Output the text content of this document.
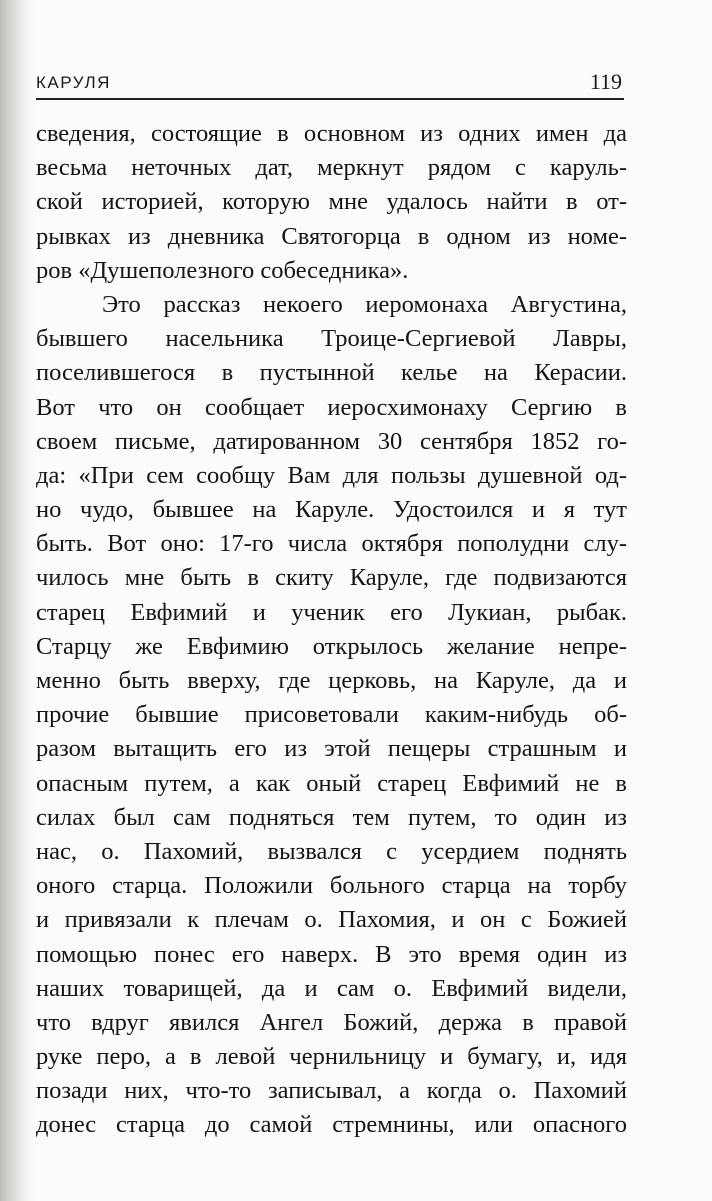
КАРУЛЯ	119
сведения, состоящие в основном из одних имен да
весьма неточных дат, меркнут рядом с каруль-
ской историей, которую мне удалось найти в от-
рывках из дневника Святогорца в одном из номе-
ров «Душеполезного собеседника».
Это рассказ некоего иеромонаха Августина,
бывшего насельника Троице-Сергиевой Лавры,
поселившегося в пустынной келье на Керасии.
Вот что он сообщает иеросхимонаху Сергию в
своем письме, датированном 30 сентября 1852 го-
да: «При сем сообщу Вам для пользы душевной од-
но чудо, бывшее на Каруле. Удостоился и я тут
быть. Вот оно: 17-го числа октября пополудни слу-
чилось мне быть в скиту Каруле, где подвизаются
старец Евфимий и ученик его Лукиан, рыбак.
Старцу же Евфимию открылось желание непре-
менно быть вверху, где церковь, на Каруле, да и
прочие бывшие присоветовали каким-нибудь об-
разом вытащить его из этой пещеры страшным и
опасным путем, а как оный старец Евфимий не в
силах был сам подняться тем путем, то один из
нас, о. Пахомий, вызвался с усердием поднять
оного старца. Положили больного старца на торбу
и привязали к плечам о. Пахомия, и он с Божией
помощью понес его наверх. В это время один из
наших товарищей, да и сам о. Евфимий видели,
что вдруг явился Ангел Божий, держа в правой
руке перо, а в левой чернильницу и бумагу, и, идя
позади них, что-то записывал, а когда о. Пахомий
донес старца до самой стремнины, или опасного
